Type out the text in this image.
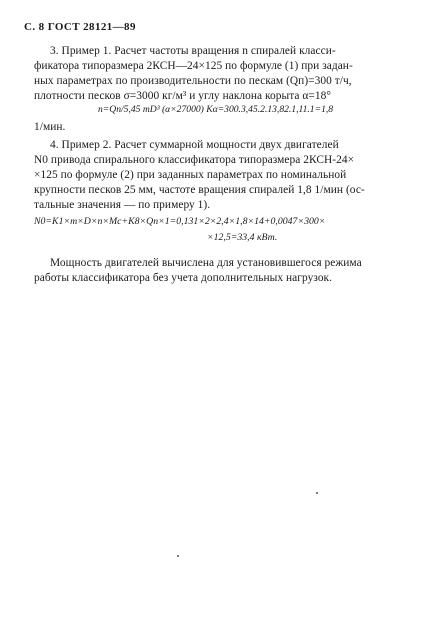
С. 8 ГОСТ 28121—89
3. Пример 1. Расчет частоты вращения n спиралей класси-
фикатора типоразмера 2КСН—24×125 по формуле (1) при задан-
ных параметрах по производительности по пескам (Qп)=300 т/ч,
плотности песков σ=3000 кг/м³ и углу наклона корыта α=18°
n=Qп/5,45 mD³ (α×27000) Kα=300.3,45.2.13,82.1,11.1=1,8
1/мин.
4. Пример 2. Расчет суммарной мощности двух двигателей
N0 привода спирального классификатора типоразмера 2КСН-24×
×125 по формуле (2) при заданных параметрах по номинальной
крупности песков 25 мм, частоте вращения спиралей 1,8 1/мин (ос-
тальные значения — по примеру 1).
N0=K1×m×D×n×Mc+K8×Qп×1=0,131×2×2,4×1,8×14+0,0047×300×
×12,5=33,4 кВт.
Мощность двигателей вычислена для установившегося режима
работы классификатора без учета дополнительных нагрузок.
